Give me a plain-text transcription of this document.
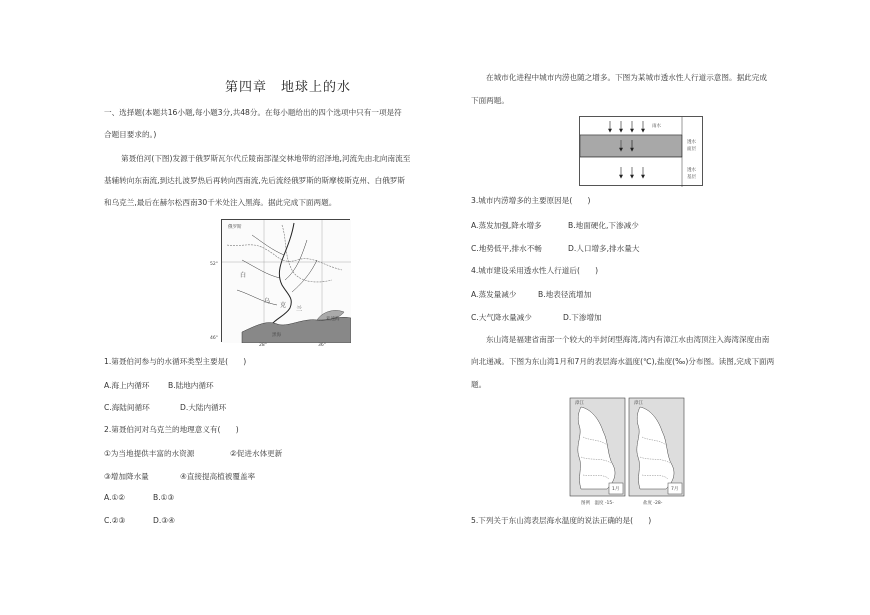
第四章　地球上的水
一、选择题(本题共16小题,每小题3分,共48分。在每小题给出的四个选项中只有一项是符
合题目要求的。)
第聂伯河(下图)发源于俄罗斯瓦尔代丘陵南部湿交林地带的沼泽地,河流先由北向南流至
基辅转向东南流,到达扎波罗热后再转向西南流,先后流经俄罗斯的斯摩棱斯克州、白俄罗斯
和乌克兰,最后在赫尔松西南30千米处注入黑海。据此完成下面两题。
俄罗斯
白
乌
克
兰
黑海
亚速海
52°
46°
28°	36°
1.第聂伯河参与的水循环类型主要是(　　)
A.海上内循环 B.陆地内循环
C.海陆间循环	D.大陆内循环
2.第聂伯河对乌克兰的地理意义有(　　)
①为当地提供丰富的水资源	②促进水体更新
③增加降水量	④直接提高植被覆盖率
A.①②	B.①③
C.②③	D.③④
在城市化进程中城市内涝也随之增多。下图为某城市透水性人行道示意图。据此完成
下面两题。
雨水
透水
面层
透水
基层
3.城市内涝增多的主要原因是(　　)
A.蒸发加强,降水增多	B.地面硬化,下渗减少
C.地势低平,排水不畅	D.人口增多,排水量大
4.城市建设采用透水性人行道后(　　)
A.蒸发量减少	B.地表径流增加
C.大气降水量减少	D.下渗增加
东山湾是福建省南部一个较大的半封闭型海湾,湾内有漳江水由湾顶注入海湾深度由南
向北递减。下图为东山湾1月和7月的表层海水温度(℃),盐度(‰)分布图。读图,完成下面两
题。
漳江	漳江
1月	7月
图例　温度 -15-	盐度 -28-
5.下列关于东山湾表层海水温度的说法正确的是(　　)
